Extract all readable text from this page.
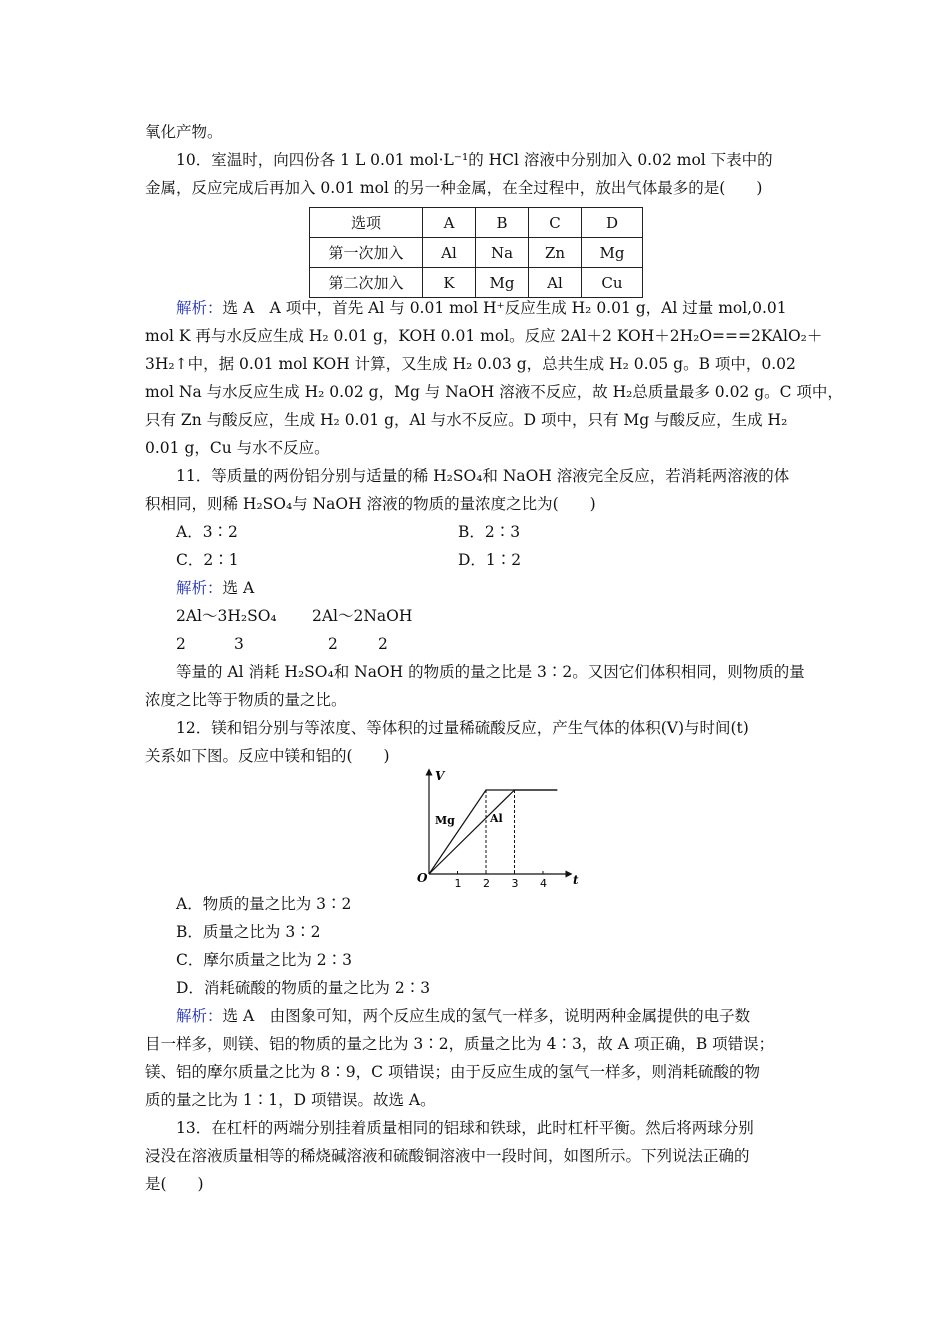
氧化产物。
10．室温时，向四份各 1 L 0.01 mol·L⁻¹的 HCl 溶液中分别加入 0.02 mol 下表中的
金属，反应完成后再加入 0.01 mol 的另一种金属，在全过程中，放出气体最多的是(　　)
选项	A	B	C	D
第一次加入	Al	Na	Zn	Mg
第二次加入	K	Mg	Al	Cu
解析：选 A　A 项中，首先 Al 与 0.01 mol H⁺反应生成 H₂ 0.01 g，Al 过量 mol,0.01
mol K 再与水反应生成 H₂ 0.01 g，KOH 0.01 mol。反应 2Al＋2 KOH＋2H₂O===2KAlO₂＋
3H₂↑中，据 0.01 mol KOH 计算，又生成 H₂ 0.03 g，总共生成 H₂ 0.05 g。B 项中，0.02
mol Na 与水反应生成 H₂ 0.02 g，Mg 与 NaOH 溶液不反应，故 H₂总质量最多 0.02 g。C 项中，
只有 Zn 与酸反应，生成 H₂ 0.01 g，Al 与水不反应。D 项中，只有 Mg 与酸反应，生成 H₂
0.01 g，Cu 与水不反应。
11．等质量的两份铝分别与适量的稀 H₂SO₄和 NaOH 溶液完全反应，若消耗两溶液的体
积相同，则稀 H₂SO₄与 NaOH 溶液的物质的量浓度之比为(　　)
A．3∶2	B．2∶3
C．2∶1	D．1∶2
解析：选 A
2Al～3H₂SO₄ 2Al～2NaOH
2	3	2	2
等量的 Al 消耗 H₂SO₄和 NaOH 的物质的量之比是 3∶2。又因它们体积相同，则物质的量
浓度之比等于物质的量之比。
12．镁和铝分别与等浓度、等体积的过量稀硫酸反应，产生气体的体积(V)与时间(t)
关系如下图。反应中镁和铝的(　　)
O
V
t
1 2 3 4
Mg	Al
A．物质的量之比为 3∶2
B．质量之比为 3∶2
C．摩尔质量之比为 2∶3
D．消耗硫酸的物质的量之比为 2∶3
解析：选 A　由图象可知，两个反应生成的氢气一样多，说明两种金属提供的电子数
目一样多，则镁、铝的物质的量之比为 3∶2，质量之比为 4∶3，故 A 项正确，B 项错误；
镁、铝的摩尔质量之比为 8∶9，C 项错误；由于反应生成的氢气一样多，则消耗硫酸的物
质的量之比为 1∶1，D 项错误。故选 A。
13．在杠杆的两端分别挂着质量相同的铝球和铁球，此时杠杆平衡。然后将两球分别
浸没在溶液质量相等的稀烧碱溶液和硫酸铜溶液中一段时间，如图所示。下列说法正确的
是(　　)
